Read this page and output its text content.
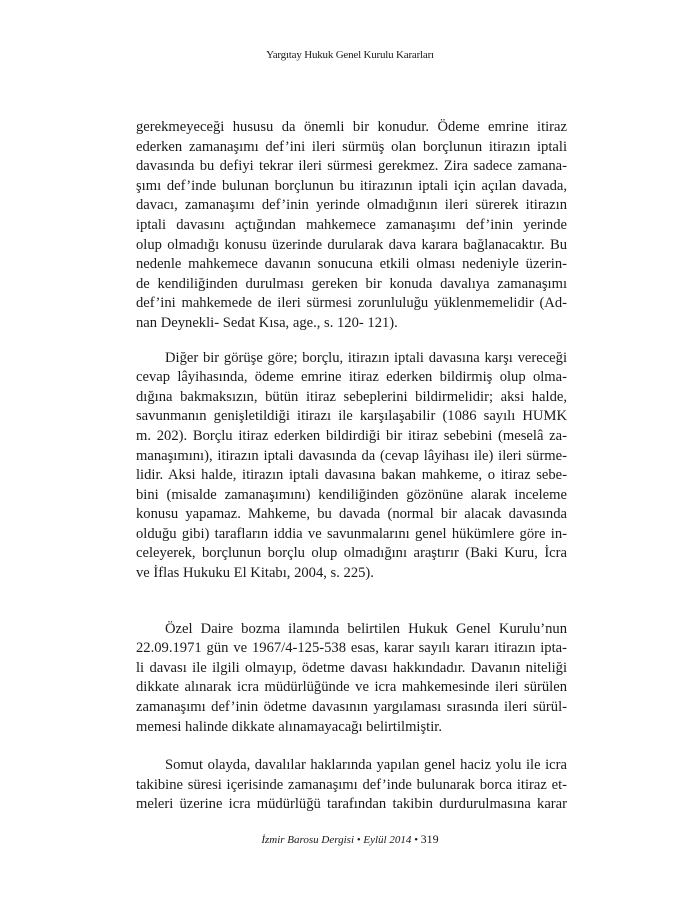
Yargıtay Hukuk Genel Kurulu Kararları
gerekmeyeceği hususu da önemli bir konudur. Ödeme emrine itiraz
ederken zamanaşımı def’ini ileri sürmüş olan borçlunun itirazın iptali
davasında bu defiyi tekrar ileri sürmesi gerekmez. Zira sadece zamana-
şımı def’inde bulunan borçlunun bu itirazının iptali için açılan davada,
davacı, zamanaşımı def’inin yerinde olmadığının ileri sürerek itirazın
iptali davasını açtığından mahkemece zamanaşımı def’inin yerinde
olup olmadığı konusu üzerinde durularak dava karara bağlanacaktır. Bu
nedenle mahkemece davanın sonucuna etkili olması nedeniyle üzerin-
de kendiliğinden durulması gereken bir konuda davalıya zamanaşımı
def’ini mahkemede de ileri sürmesi zorunluluğu yüklenmemelidir (Ad-
nan Deynekli- Sedat Kısa, age., s. 120- 121).
Diğer bir görüşe göre; borçlu, itirazın iptali davasına karşı vereceği
cevap lâyihasında, ödeme emrine itiraz ederken bildirmiş olup olma-
dığına bakmaksızın, bütün itiraz sebeplerini bildirmelidir; aksi halde,
savunmanın genişletildiği itirazı ile karşılaşabilir (1086 sayılı HUMK
m. 202). Borçlu itiraz ederken bildirdiği bir itiraz sebebini (meselâ za-
manaşımını), itirazın iptali davasında da (cevap lâyihası ile) ileri sürme-
lidir. Aksi halde, itirazın iptali davasına bakan mahkeme, o itiraz sebe-
bini (misalde zamanaşımını) kendiliğinden gözönüne alarak inceleme
konusu yapamaz. Mahkeme, bu davada (normal bir alacak davasında
olduğu gibi) tarafların iddia ve savunmalarını genel hükümlere göre in-
celeyerek, borçlunun borçlu olup olmadığını araştırır (Baki Kuru, İcra
ve İflas Hukuku El Kitabı, 2004, s. 225).
Özel Daire bozma ilamında belirtilen Hukuk Genel Kurulu’nun
22.09.1971 gün ve 1967/4-125-538 esas, karar sayılı kararı itirazın ipta-
li davası ile ilgili olmayıp, ödetme davası hakkındadır. Davanın niteliği
dikkate alınarak icra müdürlüğünde ve icra mahkemesinde ileri sürülen
zamanaşımı def’inin ödetme davasının yargılaması sırasında ileri sürül-
memesi halinde dikkate alınamayacağı belirtilmiştir.
Somut olayda, davalılar haklarında yapılan genel haciz yolu ile icra
takibine süresi içerisinde zamanaşımı def’inde bulunarak borca itiraz et-
meleri üzerine icra müdürlüğü tarafından takibin durdurulmasına karar
İzmir Barosu Dergisi • Eylül 2014 • 319
